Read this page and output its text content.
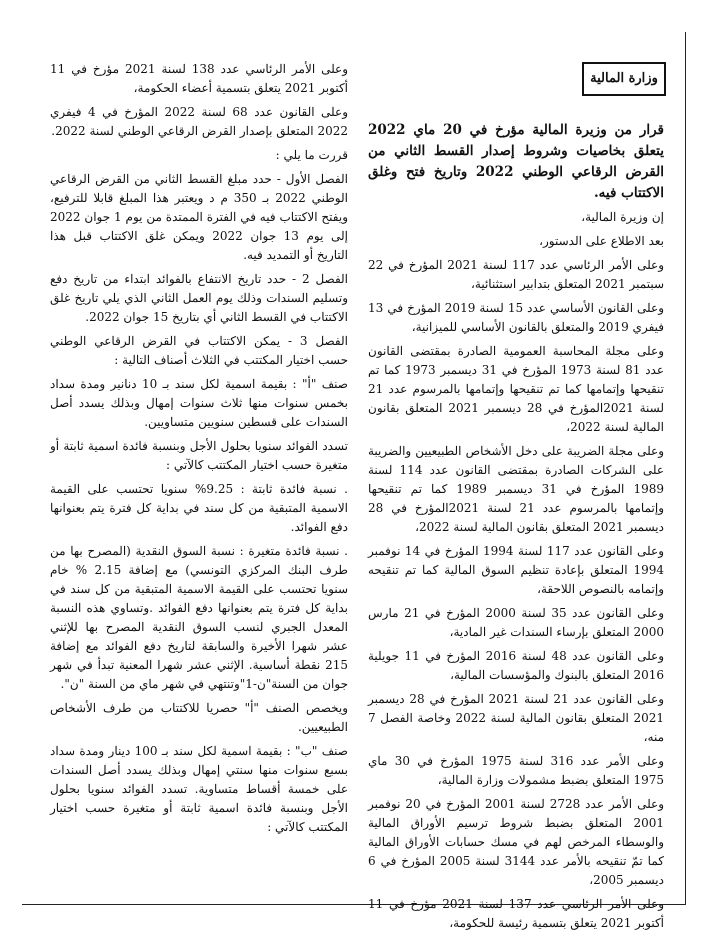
وزارة المالية

قرار من وزيرة المالية مؤرخ في 20 ماي 2022 يتعلق بخاصيات وشروط إصدار القسط الثاني من القرض الرقاعي الوطني 2022 وتاريخ فتح وغلق الاكتتاب فيه.

إن وزيرة المالية،

بعد الاطلاع على الدستور،

وعلى الأمر الرئاسي عدد 117 لسنة 2021 المؤرخ في 22 سبتمبر 2021 المتعلق بتدابير استثنائية،

وعلى القانون الأساسي عدد 15 لسنة 2019 المؤرخ في 13 فيفري 2019 والمتعلق بالقانون الأساسي للميزانية،

وعلى مجلة المحاسبة العمومية الصادرة بمقتضى القانون عدد 81 لسنة 1973 المؤرخ في 31 ديسمبر 1973 كما تم تنقيحها وإتمامها كما تم تنقيحها وإتمامها بالمرسوم عدد 21 لسنة 2021المؤرخ في 28 ديسمبر 2021 المتعلق بقانون المالية لسنة 2022،

وعلى مجلة الضريبة على دخل الأشخاص الطبيعيين والضريبة على الشركات الصادرة بمقتضى القانون عدد 114 لسنة 1989 المؤرخ في 31 ديسمبر 1989 كما تم تنقيحها وإتمامها بالمرسوم عدد 21 لسنة 2021المؤرخ في 28 ديسمبر 2021 المتعلق بقانون المالية لسنة 2022،

وعلى القانون عدد 117 لسنة 1994 المؤرخ في 14 نوفمبر 1994 المتعلق بإعادة تنظيم السوق المالية كما تم تنقيحه وإتمامه بالنصوص اللاحقة،

وعلى القانون عدد 35 لسنة 2000 المؤرخ في 21 مارس 2000 المتعلق بإرساء السندات غير المادية،

وعلى القانون عدد 48 لسنة 2016 المؤرخ في 11 جويلية 2016 المتعلق بالبنوك والمؤسسات المالية،

وعلى القانون عدد 21 لسنة 2021 المؤرخ في 28 ديسمبر 2021 المتعلق بقانون المالية لسنة 2022 وخاصة الفصل 7 منه،

وعلى الأمر عدد 316 لسنة 1975 المؤرخ في 30 ماي 1975 المتعلق بضبط مشمولات وزارة المالية،

وعلى الأمر عدد 2728 لسنة 2001 المؤرخ في 20 نوفمبر 2001 المتعلق بضبط شروط ترسيم الأوراق المالية والوسطاء المرخص لهم في مسك حسابات الأوراق المالية كما تمّ تنقيحه بالأمر عدد 3144 لسنة 2005 المؤرخ في 6 ديسمبر 2005،

وعلى الأمر الرئاسي عدد 137 لسنة 2021 مؤرخ في 11 أكتوبر 2021 يتعلق بتسمية رئيسة للحكومة،

وعلى الأمر الرئاسي عدد 138 لسنة 2021 مؤرخ في 11 أكتوبر 2021 يتعلق بتسمية أعضاء الحكومة،

وعلى القانون عدد 68 لسنة 2022 المؤرخ في 4 فيفري 2022 المتعلق بإصدار القرض الرقاعي الوطني لسنة 2022.

قررت ما يلي :

الفصل الأول - حدد مبلغ القسط الثاني من القرض الرقاعي الوطني 2022 بـ 350 م د ويعتبر هذا المبلغ قابلا للترفيع، ويفتح الاكتتاب فيه في الفترة الممتدة من يوم 1 جوان 2022 إلى يوم 13 جوان 2022 ويمكن غلق الاكتتاب قبل هذا التاريخ أو التمديد فيه.

الفصل 2 - حدد تاريخ الانتفاع بالفوائد ابتداء من تاريخ دفع وتسليم السندات وذلك يوم العمل الثاني الذي يلي تاريخ غلق الاكتتاب في القسط الثاني أي بتاريخ 15 جوان 2022.

الفصل 3 - يمكن الاكتتاب في القرض الرقاعي الوطني حسب اختيار المكتتب في الثلاث أصناف التالية :

صنف "أ" : بقيمة اسمية لكل سند بـ 10 دنانير ومدة سداد بخمس سنوات منها ثلاث سنوات إمهال وبذلك يسدد أصل السندات على قسطين سنويين متساويين.

تسدد الفوائد سنويا بحلول الأجل وبنسبة فائدة اسمية ثابتة أو متغيرة حسب اختيار المكتتب كالآتي :

. نسبة فائدة ثابتة : 9.25% سنويا تحتسب على القيمة الاسمية المتبقية من كل سند في بداية كل فترة يتم بعنوانها دفع الفوائد.

. نسبة فائدة متغيرة : نسبة السوق النقدية (المصرح بها من طرف البنك المركزي التونسي) مع إضافة 2.15 % خام سنويا تحتسب على القيمة الاسمية المتبقية من كل سند في بداية كل فترة يتم بعنوانها دفع الفوائد .وتساوي هذه النسبة المعدل الجبري لنسب السوق النقدية المصرح بها للإثني عشر شهرا الأخيرة والسابقة لتاريخ دفع الفوائد مع إضافة 215 نقطة أساسية. الإثني عشر شهرا المعنية تبدأ في شهر جوان من السنة"ن-1"وتنتهي في شهر ماي من السنة "ن".

ويخصص الصنف "أ" حصريا للاكتتاب من طرف الأشخاص الطبيعيين.

صنف "ب" : بقيمة اسمية لكل سند بـ 100 دينار ومدة سداد بسبع سنوات منها سنتي إمهال وبذلك يسدد أصل السندات على خمسة أقساط متساوية. تسدد الفوائد سنويا بحلول الأجل وبنسبة فائدة اسمية ثابتة أو متغيرة حسب اختيار المكتتب كالآتي :
